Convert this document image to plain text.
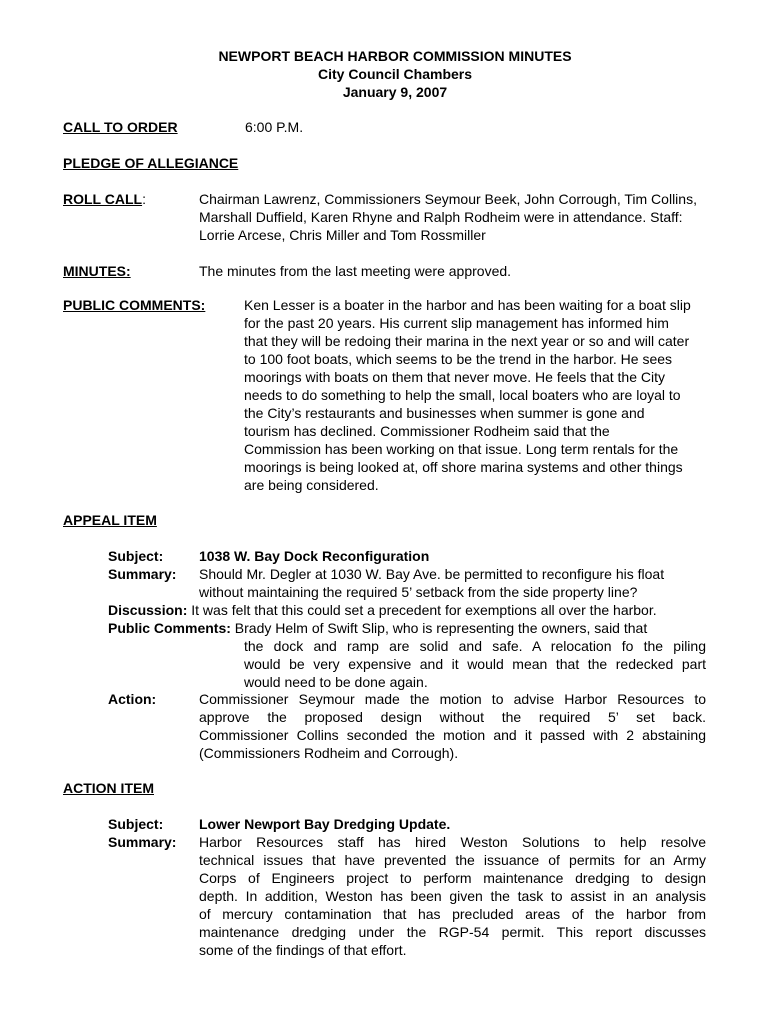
NEWPORT BEACH HARBOR COMMISSION MINUTES
City Council Chambers
January 9, 2007
CALL TO ORDER	6:00 P.M.
PLEDGE OF ALLEGIANCE
ROLL CALL:	Chairman Lawrenz, Commissioners Seymour Beek, John Corrough, Tim Collins,

Marshall Duffield, Karen Rhyne and Ralph Rodheim were in attendance. Staff:

Lorrie Arcese, Chris Miller and Tom Rossmiller

MINUTES:	The minutes from the last meeting were approved.
PUBLIC COMMENTS:	Ken Lesser is a boater in the harbor and has been waiting for a boat slip

for the past 20 years. His current slip management has informed him

that they will be redoing their marina in the next year or so and will cater

to 100 foot boats, which seems to be the trend in the harbor. He sees

moorings with boats on them that never move. He feels that the City

needs to do something to help the small, local boaters who are loyal to

the City’s restaurants and businesses when summer is gone and

tourism has declined. Commissioner Rodheim said that the

Commission has been working on that issue. Long term rentals for the

moorings is being looked at, off shore marina systems and other things

are being considered.

APPEAL ITEM
Subject:	1038 W. Bay Dock Reconfiguration
Summary: Should Mr. Degler at 1030 W. Bay Ave. be permitted to reconfigure his float

without maintaining the required 5’ setback from the side property line?

Discussion: It was felt that this could set a precedent for exemptions all over the harbor.
Public Comments: Brady Helm of Swift Slip, who is representing the owners, said that

the dock and ramp are solid and safe. A relocation fo the piling

would be very expensive and it would mean that the redecked part

would need to be done again.

Action:	Commissioner Seymour made the motion to advise Harbor Resources to

approve the proposed design without the required 5’ set back.

Commissioner Collins seconded the motion and it passed with 2 abstaining

(Commissioners Rodheim and Corrough).

ACTION ITEM
Subject:	Lower Newport Bay Dredging Update.
Summary: Harbor Resources staff has hired Weston Solutions to help resolve

technical issues that have prevented the issuance of permits for an Army

Corps of Engineers project to perform maintenance dredging to design

depth. In addition, Weston has been given the task to assist in an analysis

of mercury contamination that has precluded areas of the harbor from

maintenance dredging under the RGP-54 permit. This report discusses

some of the findings of that effort.
